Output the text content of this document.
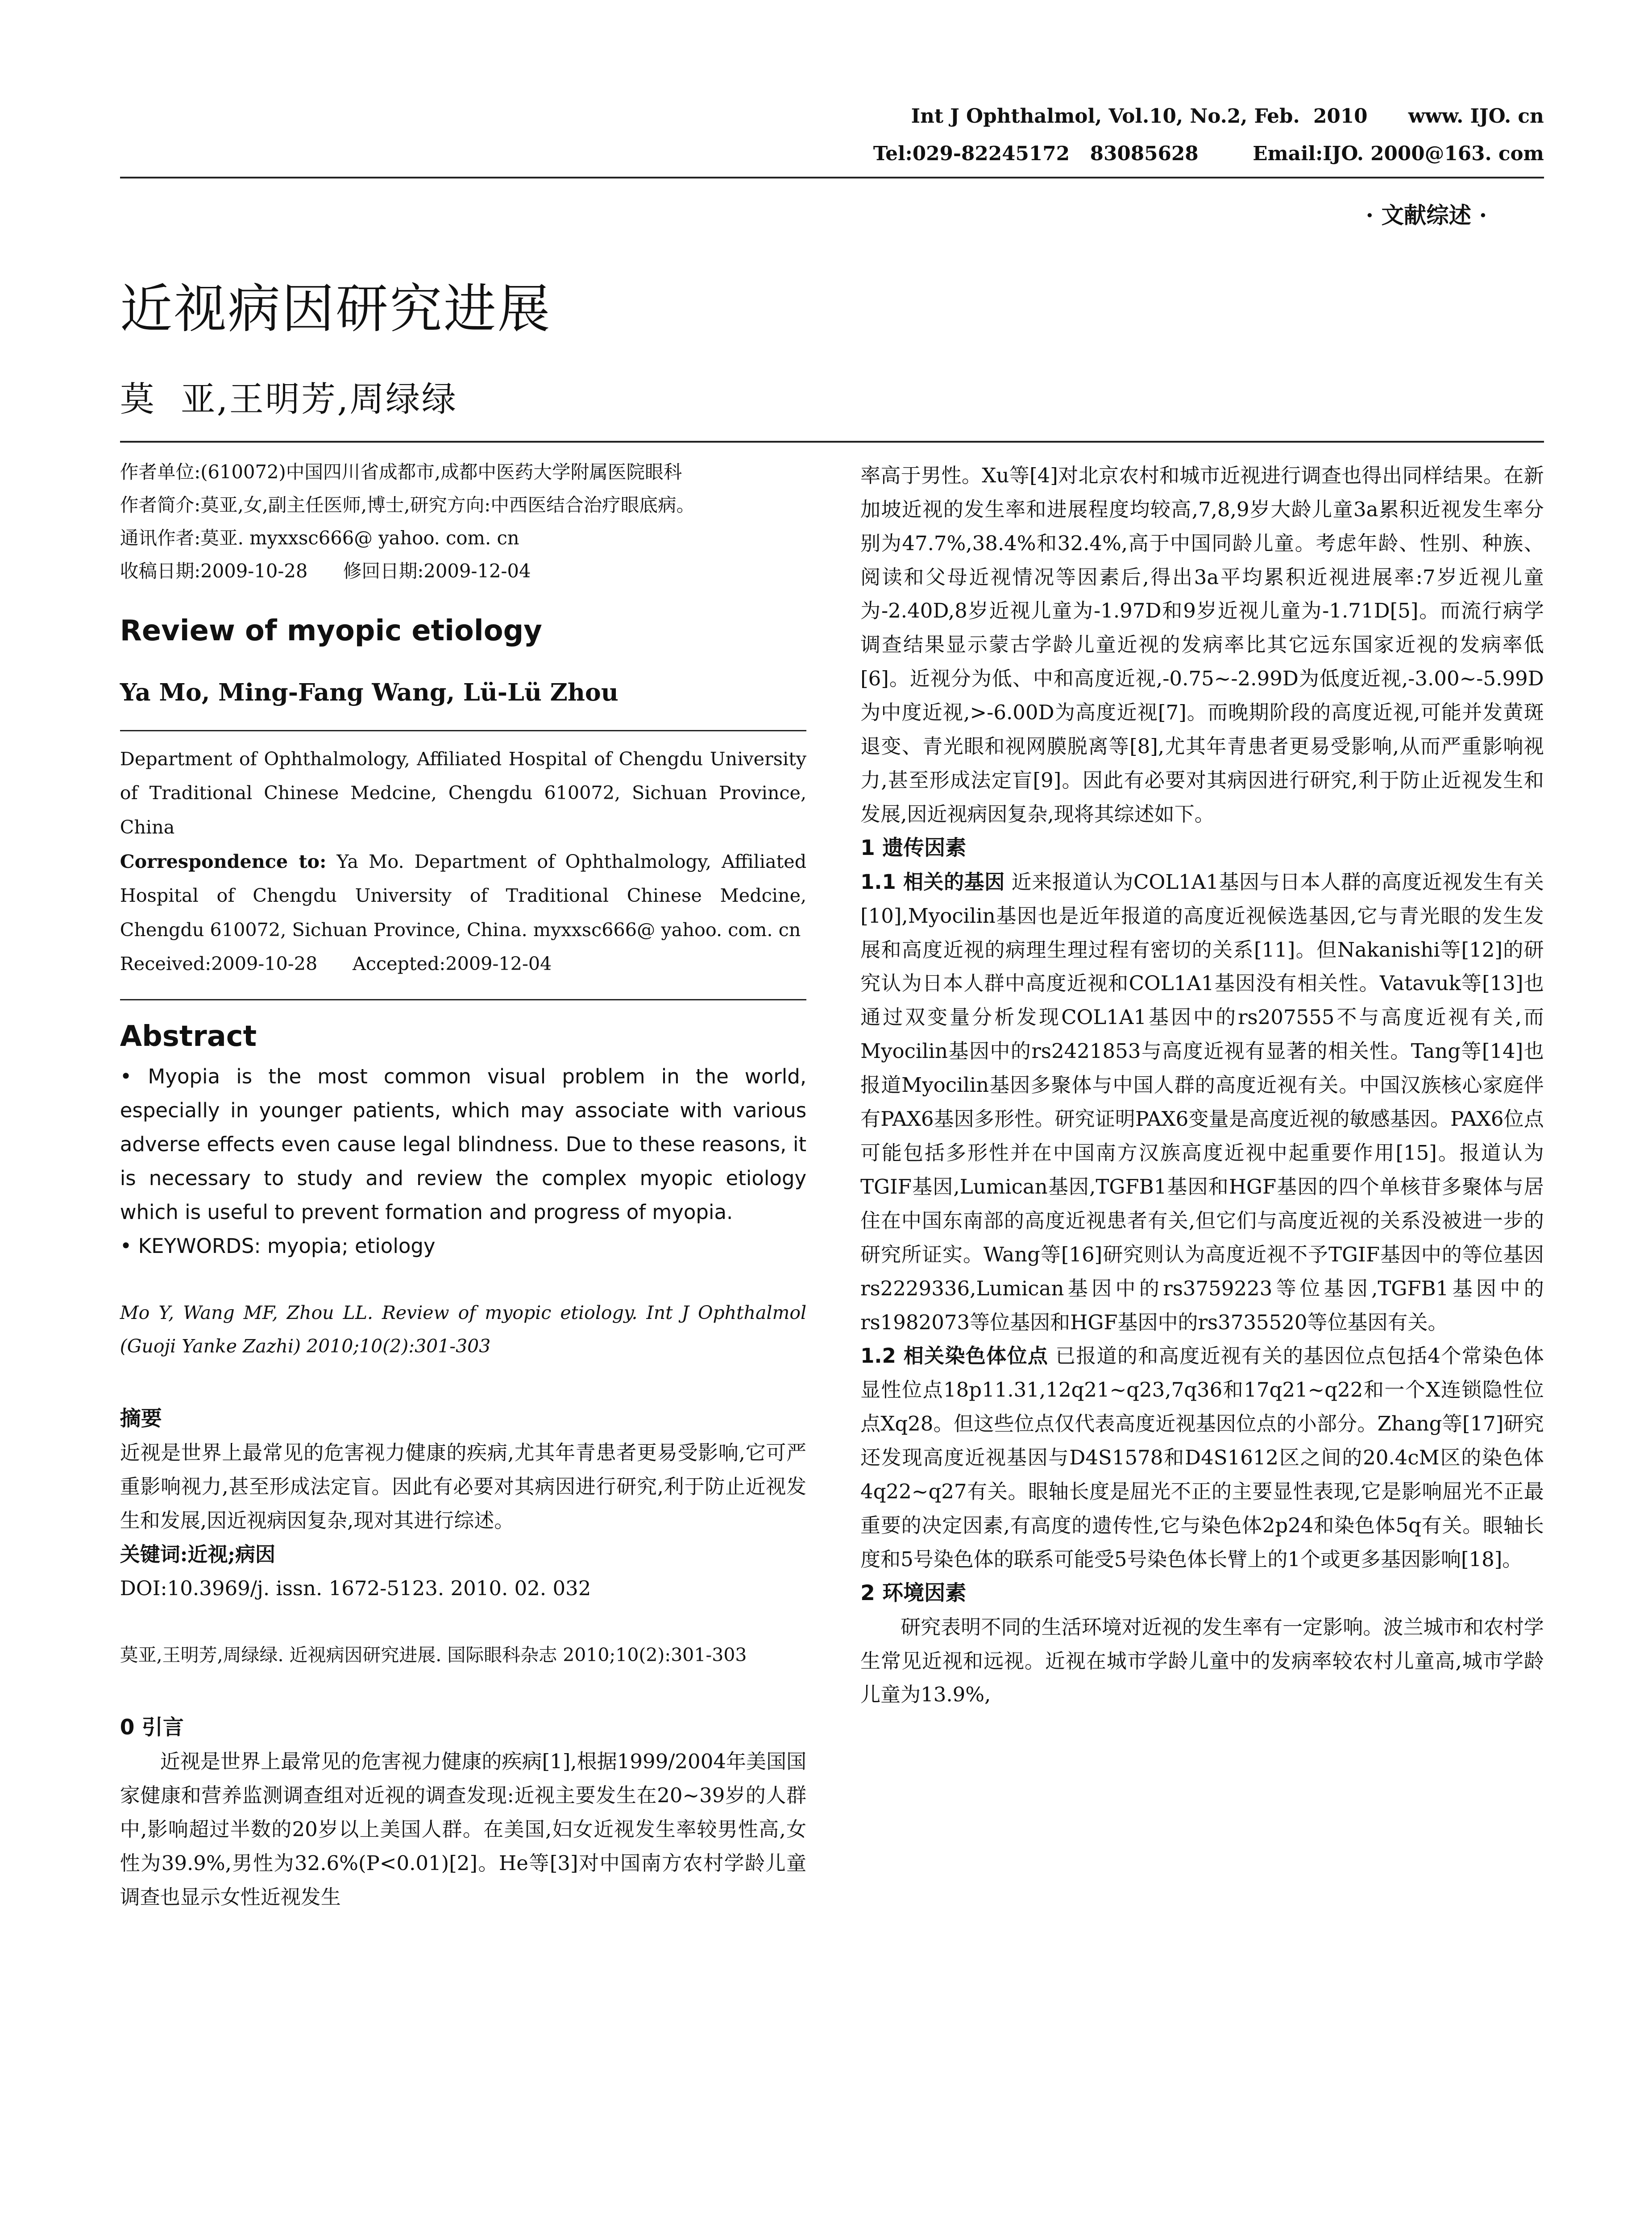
Int J Ophthalmol, Vol.10, No.2, Feb.  2010      www. IJO. cn
Tel:029-82245172   83085628        Email:IJO. 2000@163. com
· 文献综述 ·
近视病因研究进展
莫  亚,王明芳,周绿绿

作者单位:(610072)中国四川省成都市,成都中医药大学附属医院眼科

作者简介:莫亚,女,副主任医师,博士,研究方向:中西医结合治疗眼底病。

通讯作者:莫亚. myxxsc666@ yahoo. com. cn

收稿日期:2009-10-28      修回日期:2009-12-04

Review of myopic etiology
Ya Mo, Ming-Fang Wang, Lü-Lü Zhou

Department of Ophthalmology, Affiliated Hospital of Chengdu University of Traditional Chinese Medcine, Chengdu 610072, Sichuan Province, China

Correspondence to: Ya Mo. Department of Ophthalmology, Affiliated Hospital of Chengdu University of Traditional Chinese Medcine, Chengdu 610072, Sichuan Province, China. myxxsc666@ yahoo. com. cn

Received:2009-10-28      Accepted:2009-12-04

Abstract

• Myopia is the most common visual problem in the world, especially in younger patients, which may associate with various adverse effects even cause legal blindness. Due to these reasons, it is necessary to study and review the complex myopic etiology which is useful to prevent formation and progress of myopia.

• KEYWORDS: myopia; etiology

Mo Y, Wang MF, Zhou LL. Review of myopic etiology. Int J Ophthalmol (Guoji Yanke Zazhi) 2010;10(2):301-303

摘要

近视是世界上最常见的危害视力健康的疾病,尤其年青患者更易受影响,它可严重影响视力,甚至形成法定盲。因此有必要对其病因进行研究,利于防止近视发生和发展,因近视病因复杂,现对其进行综述。

关键词:近视;病因

DOI:10.3969/j. issn. 1672-5123. 2010. 02. 032

莫亚,王明芳,周绿绿. 近视病因研究进展. 国际眼科杂志 2010;10(2):301-303

0 引言

近视是世界上最常见的危害视力健康的疾病[1],根据1999/2004年美国国家健康和营养监测调查组对近视的调查发现:近视主要发生在20~39岁的人群中,影响超过半数的20岁以上美国人群。在美国,妇女近视发生率较男性高,女性为39.9%,男性为32.6%(P<0.01)[2]。He等[3]对中国南方农村学龄儿童调查也显示女性近视发生

率高于男性。Xu等[4]对北京农村和城市近视进行调查也得出同样结果。在新加坡近视的发生率和进展程度均较高,7,8,9岁大龄儿童3a累积近视发生率分别为47.7%,38.4%和32.4%,高于中国同龄儿童。考虑年龄、性别、种族、阅读和父母近视情况等因素后,得出3a平均累积近视进展率:7岁近视儿童为-2.40D,8岁近视儿童为-1.97D和9岁近视儿童为-1.71D[5]。而流行病学调查结果显示蒙古学龄儿童近视的发病率比其它远东国家近视的发病率低[6]。近视分为低、中和高度近视,-0.75~-2.99D为低度近视,-3.00~-5.99D为中度近视,>-6.00D为高度近视[7]。而晚期阶段的高度近视,可能并发黄斑退变、青光眼和视网膜脱离等[8],尤其年青患者更易受影响,从而严重影响视力,甚至形成法定盲[9]。因此有必要对其病因进行研究,利于防止近视发生和发展,因近视病因复杂,现将其综述如下。

1 遗传因素

1.1 相关的基因 近来报道认为COL1A1基因与日本人群的高度近视发生有关[10],Myocilin基因也是近年报道的高度近视候选基因,它与青光眼的发生发展和高度近视的病理生理过程有密切的关系[11]。但Nakanishi等[12]的研究认为日本人群中高度近视和COL1A1基因没有相关性。Vatavuk等[13]也通过双变量分析发现COL1A1基因中的rs207555不与高度近视有关,而Myocilin基因中的rs2421853与高度近视有显著的相关性。Tang等[14]也报道Myocilin基因多聚体与中国人群的高度近视有关。中国汉族核心家庭伴有PAX6基因多形性。研究证明PAX6变量是高度近视的敏感基因。PAX6位点可能包括多形性并在中国南方汉族高度近视中起重要作用[15]。报道认为TGIF基因,Lumican基因,TGFB1基因和HGF基因的四个单核苷多聚体与居住在中国东南部的高度近视患者有关,但它们与高度近视的关系没被进一步的研究所证实。Wang等[16]研究则认为高度近视不予TGIF基因中的等位基因rs2229336,Lumican基因中的rs3759223等位基因,TGFB1基因中的rs1982073等位基因和HGF基因中的rs3735520等位基因有关。

1.2 相关染色体位点 已报道的和高度近视有关的基因位点包括4个常染色体显性位点18p11.31,12q21~q23,7q36和17q21~q22和一个X连锁隐性位点Xq28。但这些位点仅代表高度近视基因位点的小部分。Zhang等[17]研究还发现高度近视基因与D4S1578和D4S1612区之间的20.4cM区的染色体4q22~q27有关。眼轴长度是屈光不正的主要显性表现,它是影响屈光不正最重要的决定因素,有高度的遗传性,它与染色体2p24和染色体5q有关。眼轴长度和5号染色体的联系可能受5号染色体长臂上的1个或更多基因影响[18]。

2 环境因素

研究表明不同的生活环境对近视的发生率有一定影响。波兰城市和农村学生常见近视和远视。近视在城市学龄儿童中的发病率较农村儿童高,城市学龄儿童为13.9%,
